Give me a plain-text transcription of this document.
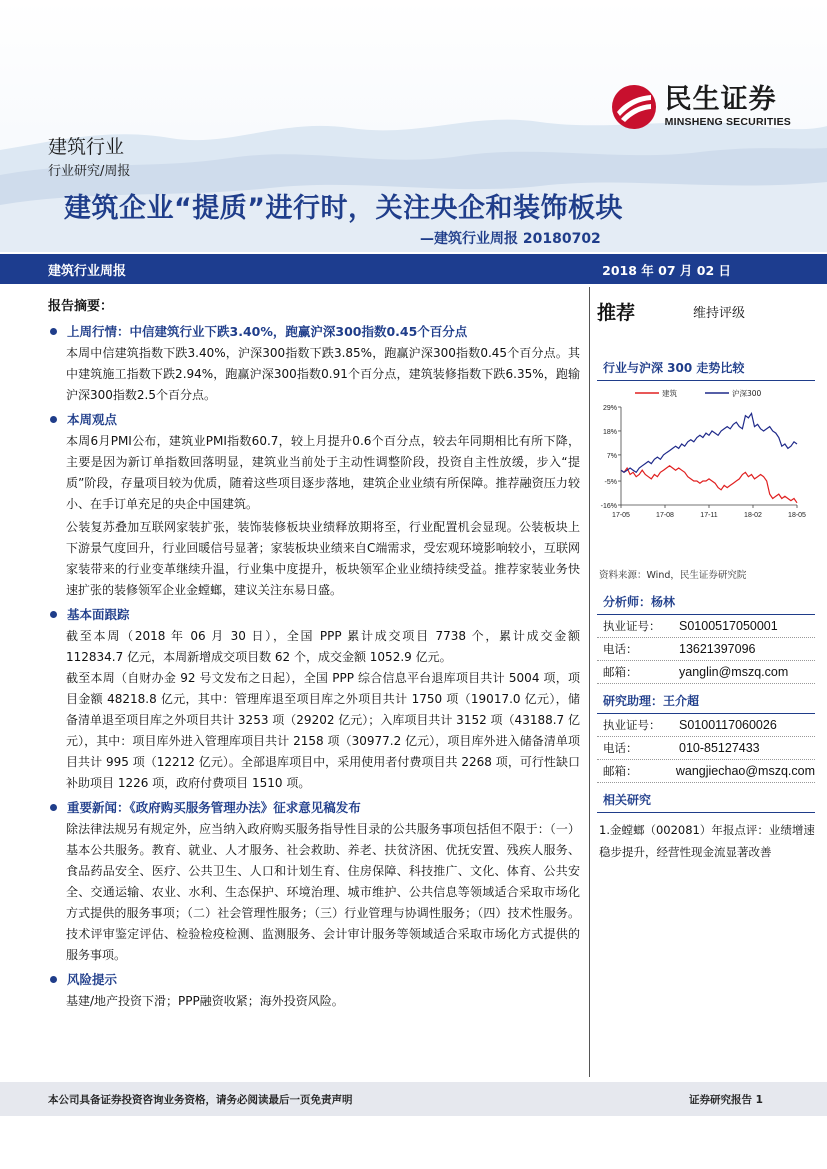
民生证券
MINSHENG SECURITIES
建筑行业
行业研究/周报
建筑企业“提质”进行时，关注央企和装饰板块
—建筑行业周报 20180702
建筑行业周报	2018 年 07 月 02 日
报告摘要：
上周行情：中信建筑行业下跌3.40%，跑赢沪深300指数0.45个百分点
本周中信建筑指数下跌3.40%，沪深300指数下跌3.85%，跑赢沪深300指数0.45个百分点。其中建筑施工指数下跌2.94%，跑赢沪深300指数0.91个百分点，建筑装修指数下跌6.35%，跑输沪深300指数2.5个百分点。
本周观点
本周6月PMI公布，建筑业PMI指数60.7，较上月提升0.6个百分点，较去年同期相比有所下降，主要是因为新订单指数回落明显，建筑业当前处于主动性调整阶段，投资自主性放缓，步入“提质”阶段，存量项目较为优质，随着这些项目逐步落地，建筑企业业绩有所保障。推荐融资压力较小、在手订单充足的央企中国建筑。
公装复苏叠加互联网家装扩张，装饰装修板块业绩释放期将至，行业配置机会显现。公装板块上下游景气度回升，行业回暖信号显著；家装板块业绩来自C端需求，受宏观环境影响较小，互联网家装带来的行业变革继续升温，行业集中度提升，板块领军企业业绩持续受益。推荐家装业务快速扩张的装修领军企业金螳螂，建议关注东易日盛。
基本面跟踪
截至本周（2018 年 06 月 30 日），全国 PPP 累计成交项目 7738 个，累计成交金额 112834.7 亿元，本周新增成交项目数 62 个，成交金额 1052.9 亿元。
截至本周（自财办金 92 号文发布之日起），全国 PPP 综合信息平台退库项目共计 5004 项，项目金额 48218.8 亿元，其中：管理库退至项目库之外项目共计 1750 项（19017.0 亿元），储备清单退至项目库之外项目共计 3253 项（29202 亿元）；入库项目共计 3152 项（43188.7 亿元），其中：项目库外进入管理库项目共计 2158 项（30977.2 亿元），项目库外进入储备清单项目共计 995 项（12212 亿元）。全部退库项目中，采用使用者付费项目共 2268 项，可行性缺口补助项目 1226 项，政府付费项目 1510 项。
重要新闻：《政府购买服务管理办法》征求意见稿发布
除法律法规另有规定外，应当纳入政府购买服务指导性目录的公共服务事项包括但不限于：（一）基本公共服务。教育、就业、人才服务、社会救助、养老、扶贫济困、优抚安置、残疾人服务、食品药品安全、医疗、公共卫生、人口和计划生育、住房保障、科技推广、文化、体育、公共安全、交通运输、农业、水利、生态保护、环境治理、城市维护、公共信息等领域适合采取市场化方式提供的服务事项；（二）社会管理性服务；（三）行业管理与协调性服务；（四）技术性服务。技术评审鉴定评估、检验检疫检测、监测服务、会计审计服务等领域适合采取市场化方式提供的服务事项。
风险提示
基建/地产投资下滑；PPP融资收紧；海外投资风险。
推荐	维持评级
行业与沪深 300 走势比较
29%
18%
7%
-5%
-16%
17-05	17-08	17-11	18-02	18-05
建筑	沪深300
资料来源：Wind，民生证券研究院
分析师：杨林
执业证号：	S0100517050001
电话：	13621397096
邮箱：	yanglin@mszq.com
研究助理：王介超
执业证号：	S0100117060026
电话：	010-85127433
邮箱：	wangjiechao@mszq.com
相关研究
1.金螳螂（002081）年报点评：业绩增速稳步提升，经营性现金流显著改善
本公司具备证券投资咨询业务资格，请务必阅读最后一页免责声明	证券研究报告 1
